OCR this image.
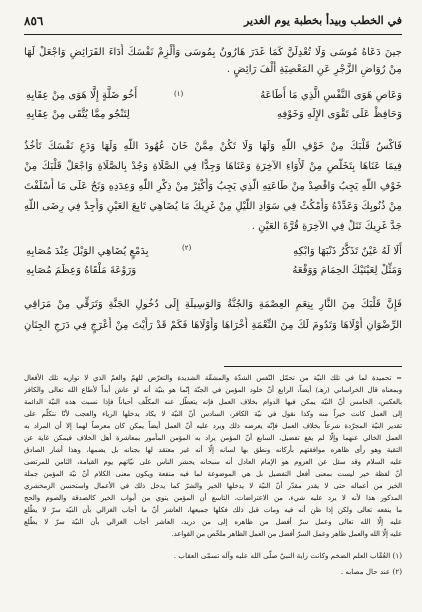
٨٥٦	في الخطب وبيدأ بخطبة يوم الغدير
جينَ دَعَاهُ مُوسَى وَلَا تُعْدِلَنَّ كَمَا غَدَرَ هَارُونُ بِمُوسَى وَأَلْزِمْ نَفْسَكَ أَدَاءَ الفَرَائِضِ وَاجْعَلْ لَهَا
مِنْ رُوَاضِ الزَّجْرِ عَنِ المَعْصِيَةِ أَلْفَ رَائِضٍ .
وَعَاصِ هَوَى النَّفْسِ الَّذِي مَا أَطَاعَهُ
(١)
أَخُو ضَلَّةٍ إِلَّا هَوَى مِنْ عِقَابِهِ
وَحَافِظْ عَلَى تَقْوَى الإِلَهِ وَخَوْفِهِ
لِتَنْجُو مِمَّا يُتَّقَى مِنْ عِقَابِهِ
فَاكْسُ قَلْبَكَ مِنْ خَوْفِ اللَّهِ وَلَهَا وَلَا تَكُنْ مِمَّنْ خَانَ عُهُودَ اللَّهِ وَلَهَا وَدَعِ نَفْسَكَ تَأْخُذُ
فِيمَا عَنَاهَا بِتَخَلُّصِ مِنْ لَأْوَاءِ الآخِرَةِ وَعَنَاهَا وَجِدًّا فِي الصَّلَاةِ وَجُدْ بِالصَّلَاةِ وَاجْعَلْ قَلْبَكَ مِنْ
خَوْفِ اللَّهِ يَجِبُ وَاقْصِدْ مِنْ طَاعَتِهِ الَّذِي يَجِبُ وَأَكْثِرْ مِنْ ذِكْرِ اللَّهِ وَعِدَدِهِ وَنَحُ عَلَى مَا أَسْلَفْتَ
مِنْ ذُنُوبِكَ وَعَدِّدْهُ وَأَمْكُثْ فِي سَوَادِ اللَّيْلِ مِنْ غَرِيكَ مَا يُضَاهِي تَابِعَ العَيْنِ وَأَجِدْ فِي رِضَى اللَّهِ
جَدَّ غَرِيكَ تَنَلْ فِي الآخِرَةِ قُرَّةَ العَيْنِ .
أَلَا لَهُ عَيْنٌ تَذَكَّرُ ذَنْبَهَا وَابْكِهِ
(٢)
بِدَمْعٍ يُضَاهِي الوَبْلَ عِنْدَ مُصَابِهِ
وَمَثِّلْ لِعَيْنَيْكَ الحِمَامَ وَوَقْعَهُ
وَرَوْعَةَ مَلْقَاهُ وَعِظَمَ مُصَابِهِ
فَإِنَّ قَلْبَكَ مِنَ النَّارِ بِنِعَمِ العِصْمَةِ وَالجُنَّةُ وَالوَسِيلَةِ إِلَى دُخُولِ الجَنَّةِ وَتَرَقِّي مِنْ مَرَاقِي
الرِّضْوَانِ أَوْلَاهَا وَتَدُومَ لَكَ مِنَ النِّعْمَةِ أُخْرَاهَا وَأَوْلَاهَا فَكَمْ قَدْ رَأَيْتَ مِنْ أَعْرَجٍ فِي دَرَجِ الجِنَانِ
= تحميدة لما في تلك النيّة من تحمّل النّفس الشدّة والمشقّة الشديدة والتعرّض للهمّ والغمّ الذي لا توازيه تلك الأفعال
وبمعناه قال الخراساني (رهـ) أيضاً، الرابع أنّ خلود المؤمن في الجنّة إنّما هو بنيّة أنه لو عاش أبداً لأطاع الله تعالى والكافر
بالعكس، الخامس أنّ النيّة يمكن فيها الدوام بخلاف العمل فإنه يتعطّل عنه المكلّف أحياناً فإذا نسبت هذه النيّة الدائمة
إلى العمل كانت خيراً منه وكذا نقول في نيّة الكافر، السادس أنّ النيّة لا يكاد يدخلها الرياء والعجب لأنّا نتكلّم على
تقدير النيّة المجرّدة شرعاً بخلاف العمل فإنّه يعرضه ذلك ويرد عليه أنّ العمل أيضاً يمكن كان معرضاً لهما إلا أن المراد به
العمل الخالي عنهما وإلّا لم يقع تفضيل، السابع أنّ المؤمن يراد به المؤمن المأمور بمعاشرة أهل الخلاف فيمكن غاية عن
التقية وهو رأى ظاهره موافقتهم بأركانه ونطق بها لسانه إلّا أنه غير معتقد لها بجنانه بل يضمها، وهذا أشار الصادق
عليه السلام وقد سئل عن العزوم هو الإمام العادل أنه سبحانه يحشر الناس على نيّاتهم يوم القيامة، الثامن للمرتضى
أنّ لفظة خير ليست بمعنى أفعل التفضيل بل هي الموضوعة لما فيه منفعة ويكون معنى الكلام أنّ نيّة المؤمن جملة
الخير من أعماله حتى لا يقدر مقدّر أنّ النيّة لا يدخلها الخير والشرّ كما يدخل ذلك في الأعمال واستحسن الزمخشري
المذكور هذا لأنه لا يرد عليه شيء، من الاعتراضات، التاسع أن المؤمن ينوي من أبواب الخير كالصدقة والصوم والحج
ما ينفعه تعالى ولكن إذا ظن أنه فيه ومات قبل ذلك فكلها جميعها، العاشر أنّ ما أجاب الغزالي بأن النيّة سرّ لا يطّلع
عليه إلّا الله تعالى وعمل سرّ أفضل من ظاهره إلى من دريد، العاشر أجاب الغزالي بأن النيّة سرّ لا يطّلع
عليه إلّا الله والعمل ظاهر وعمل السرّ أفضل من العمل الظاهر ملخّص من القواعد.
(١) العُقّاب العلم الضخم وكانت راية النبيّ صلّى الله عليه وآله تسمّى العقاب .
(٢) عند حال مصابه .
